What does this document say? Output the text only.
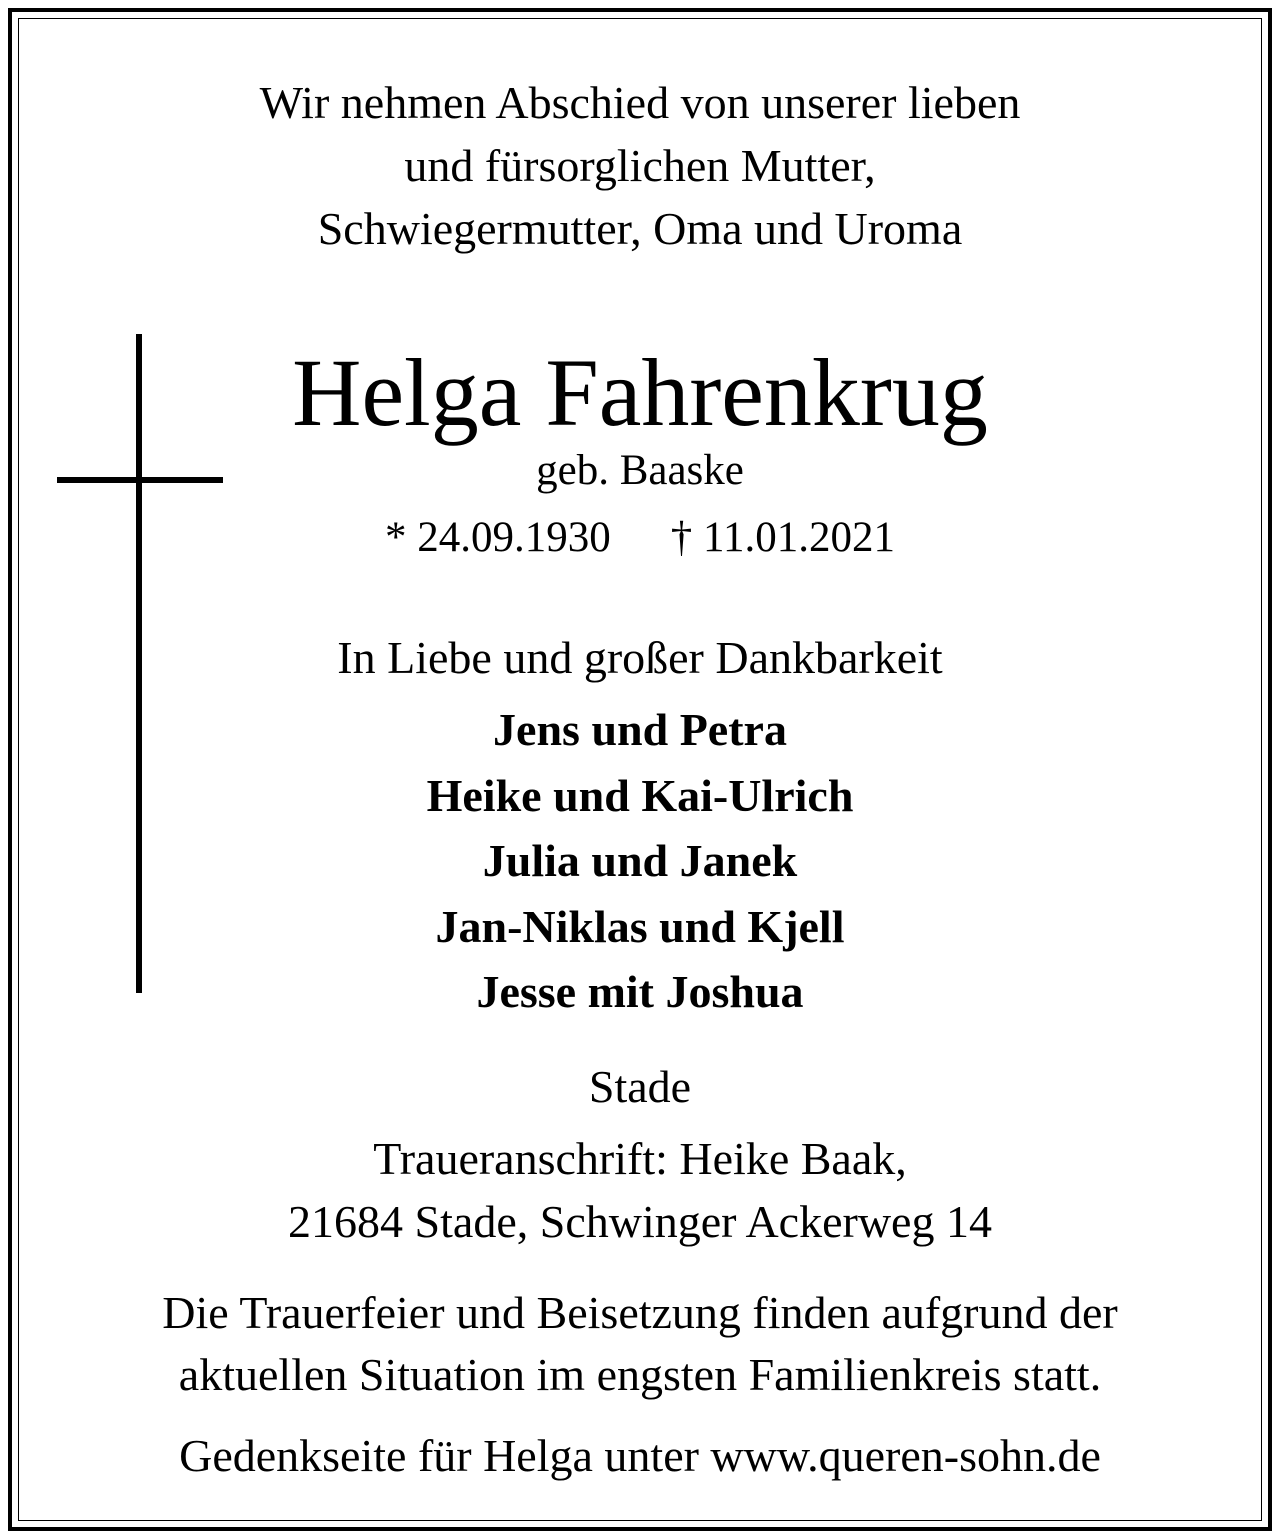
Wir nehmen Abschied von unserer lieben
und fürsorglichen Mutter,
Schwiegermutter, Oma und Uroma
Helga Fahrenkrug
geb. Baaske
* 24.09.1930 † 11.01.2021
In Liebe und großer Dankbarkeit
Jens und Petra
Heike und Kai-Ulrich
Julia und Janek
Jan-Niklas und Kjell
Jesse mit Joshua
Stade
Traueranschrift: Heike Baak,
21684 Stade, Schwinger Ackerweg 14
Die Trauerfeier und Beisetzung finden aufgrund der
aktuellen Situation im engsten Familienkreis statt.
Gedenkseite für Helga unter www.queren-sohn.de
